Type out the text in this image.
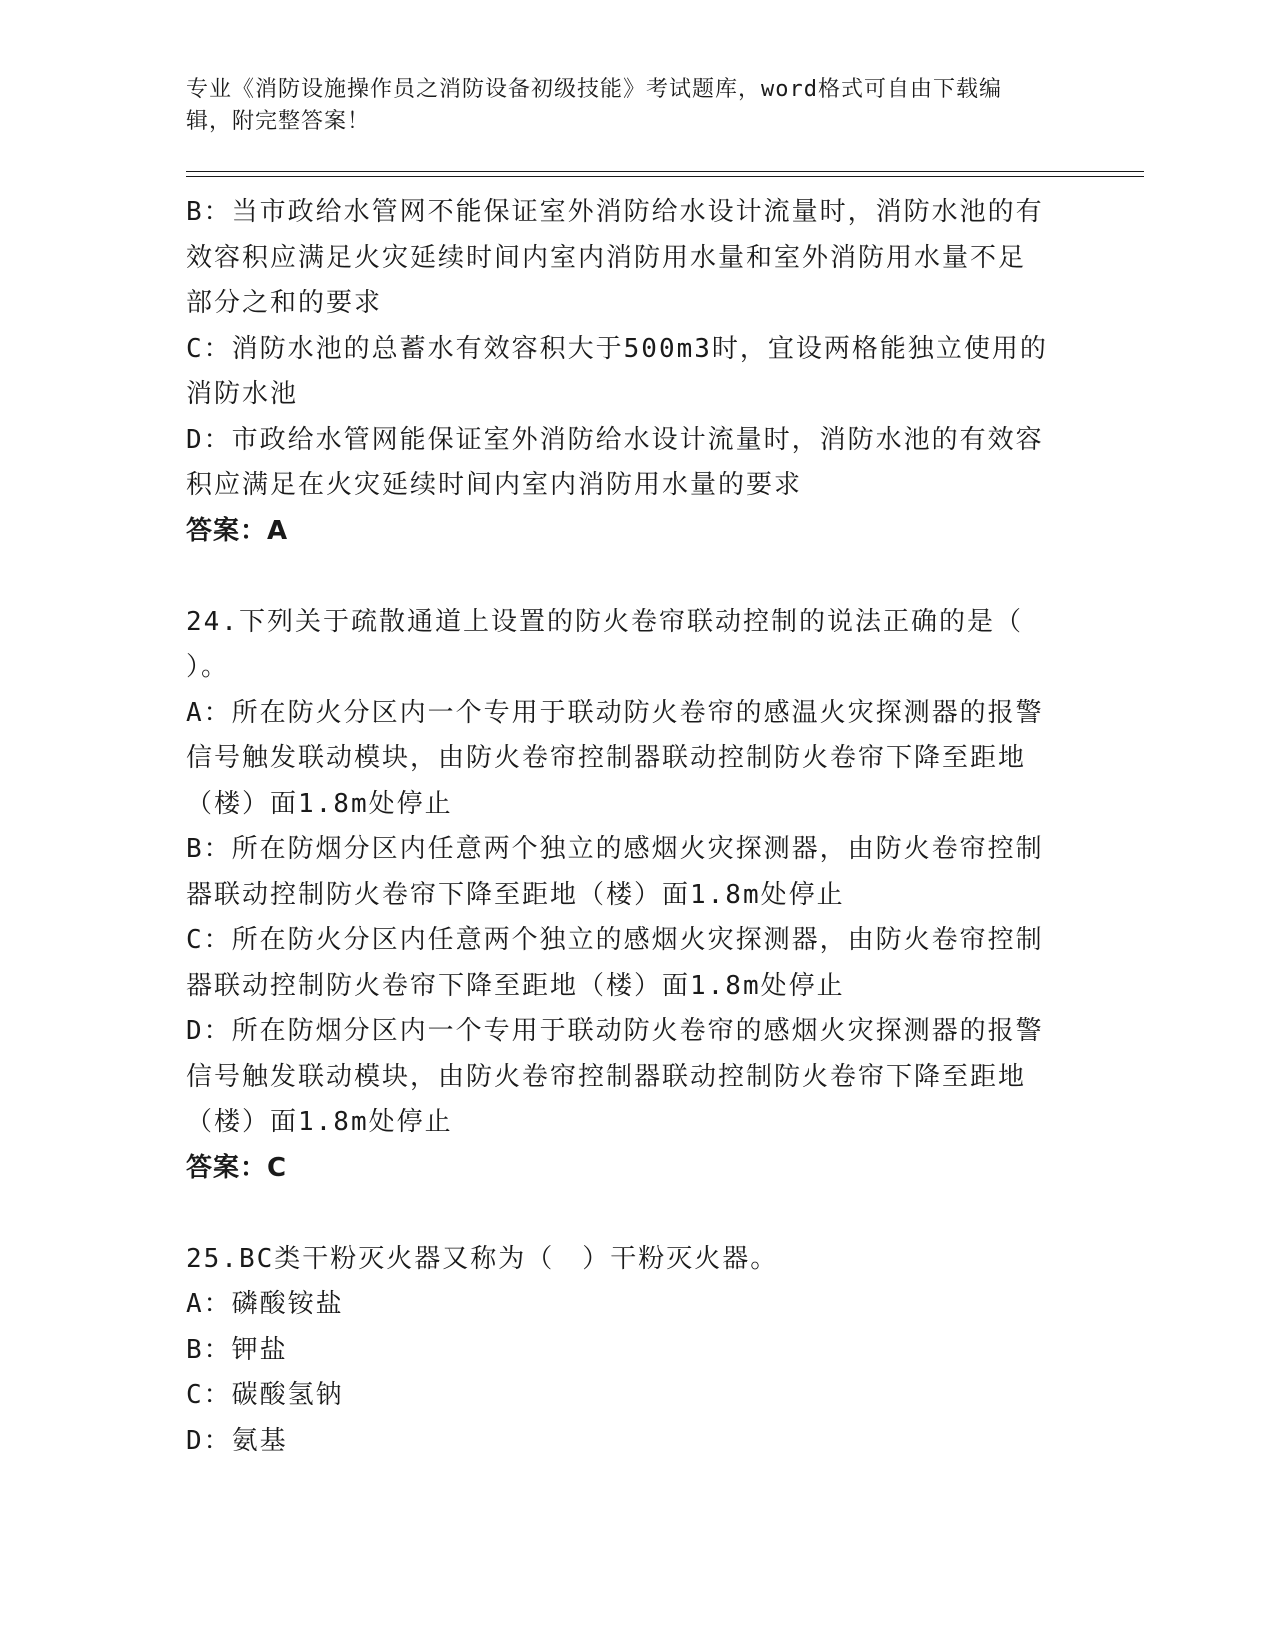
专业《消防设施操作员之消防设备初级技能》考试题库，word格式可自由下载编
辑，附完整答案！
B：当市政给水管网不能保证室外消防给水设计流量时，消防水池的有
效容积应满足火灾延续时间内室内消防用水量和室外消防用水量不足
部分之和的要求
C：消防水池的总蓄水有效容积大于500m3时，宜设两格能独立使用的
消防水池
D：市政给水管网能保证室外消防给水设计流量时，消防水池的有效容
积应满足在火灾延续时间内室内消防用水量的要求
答案：A
24.下列关于疏散通道上设置的防火卷帘联动控制的说法正确的是（
）。
A：所在防火分区内一个专用于联动防火卷帘的感温火灾探测器的报警
信号触发联动模块，由防火卷帘控制器联动控制防火卷帘下降至距地
（楼）面1.8m处停止
B：所在防烟分区内任意两个独立的感烟火灾探测器，由防火卷帘控制
器联动控制防火卷帘下降至距地（楼）面1.8m处停止
C：所在防火分区内任意两个独立的感烟火灾探测器，由防火卷帘控制
器联动控制防火卷帘下降至距地（楼）面1.8m处停止
D：所在防烟分区内一个专用于联动防火卷帘的感烟火灾探测器的报警
信号触发联动模块，由防火卷帘控制器联动控制防火卷帘下降至距地
（楼）面1.8m处停止
答案：C
25.BC类干粉灭火器又称为（　）干粉灭火器。
A：磷酸铵盐
B：钾盐
C：碳酸氢钠
D：氨基
